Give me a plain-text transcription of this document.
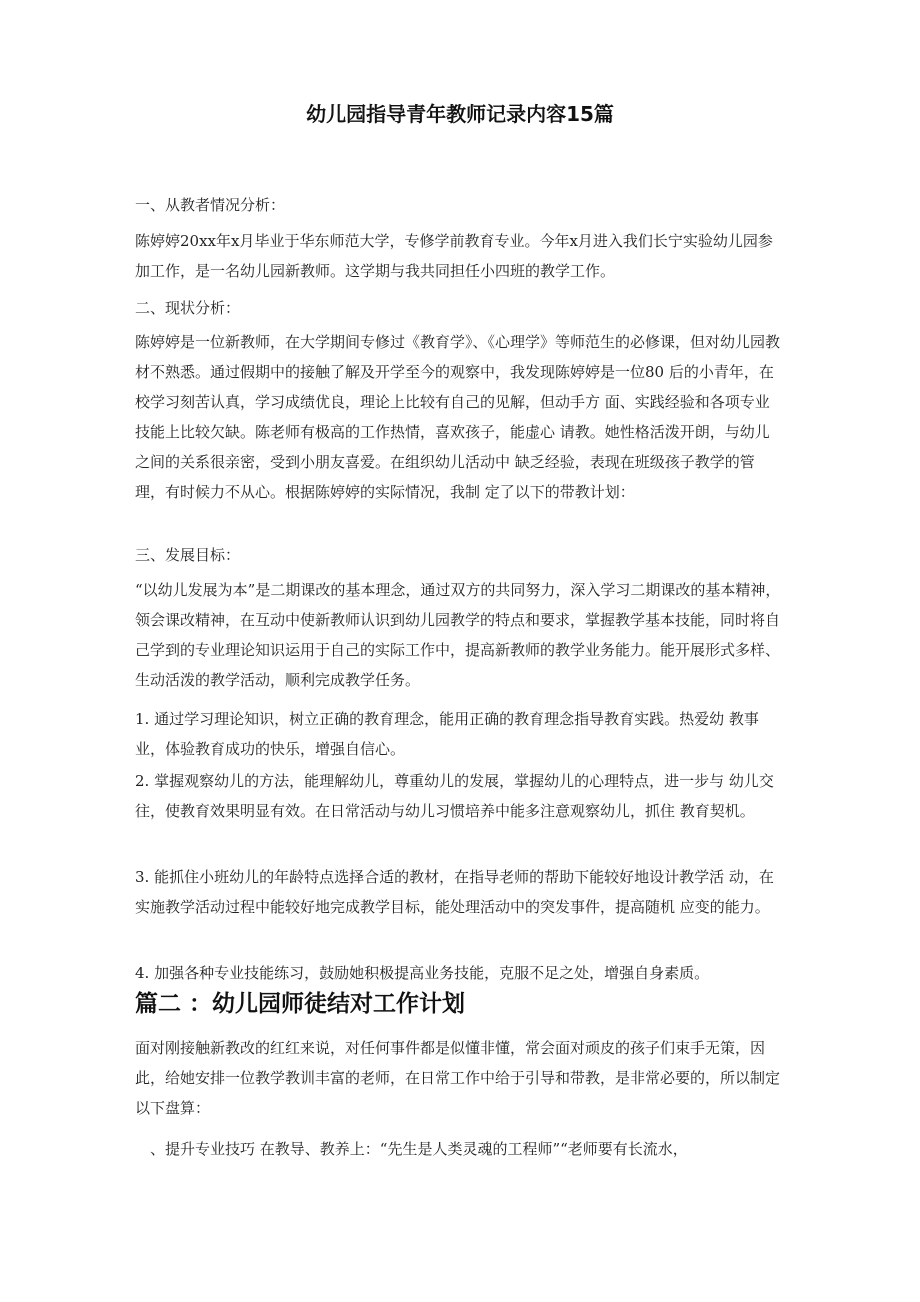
幼儿园指导青年教师记录内容15篇
一、从教者情况分析：
陈婷婷20xx年x月毕业于华东师范大学，专修学前教育专业。今年x月进入我们长宁实验幼儿园参加工作，是一名幼儿园新教师。这学期与我共同担任小四班的教学工作。
二、现状分析：
陈婷婷是一位新教师，在大学期间专修过《教育学》、《心理学》等师范生的必修课，但对幼儿园教材不熟悉。通过假期中的接触了解及开学至今的观察中，我发现陈婷婷是一位80 后的小青年，在校学习刻苦认真，学习成绩优良，理论上比较有自己的见解，但动手方 面、实践经验和各项专业技能上比较欠缺。陈老师有极高的工作热情，喜欢孩子，能虚心 请教。她性格活泼开朗，与幼儿之间的关系很亲密，受到小朋友喜爱。在组织幼儿活动中 缺乏经验，表现在班级孩子教学的管理，有时候力不从心。根据陈婷婷的实际情况，我制 定了以下的带教计划：
三、发展目标：
“以幼儿发展为本”是二期课改的基本理念，通过双方的共同努力，深入学习二期课改的基本精神，领会课改精神，在互动中使新教师认识到幼儿园教学的特点和要求，掌握教学基本技能，同时将自己学到的专业理论知识运用于自己的实际工作中，提高新教师的教学业务能力。能开展形式多样、生动活泼的教学活动，顺利完成教学任务。
1. 通过学习理论知识，树立正确的教育理念，能用正确的教育理念指导教育实践。热爱幼 教事业，体验教育成功的快乐，增强自信心。
2. 掌握观察幼儿的方法，能理解幼儿，尊重幼儿的发展，掌握幼儿的心理特点，进一步与 幼儿交往，使教育效果明显有效。在日常活动与幼儿习惯培养中能多注意观察幼儿，抓住 教育契机。
3. 能抓住小班幼儿的年龄特点选择合适的教材，在指导老师的帮助下能较好地设计教学活 动，在实施教学活动过程中能较好地完成教学目标，能处理活动中的突发事件，提高随机 应变的能力。
4. 加强各种专业技能练习，鼓励她积极提高业务技能，克服不足之处，增强自身素质。
篇二 ：幼儿园师徒结对工作计划
面对刚接触新教改的红红来说，对任何事件都是似懂非懂，常会面对顽皮的孩子们束手无策，因此，给她安排一位教学教训丰富的老师，在日常工作中给于引导和带教，是非常必要的，所以制定以下盘算：
、提升专业技巧 在教导、教养上：“先生是人类灵魂的工程师”“老师要有长流水，
